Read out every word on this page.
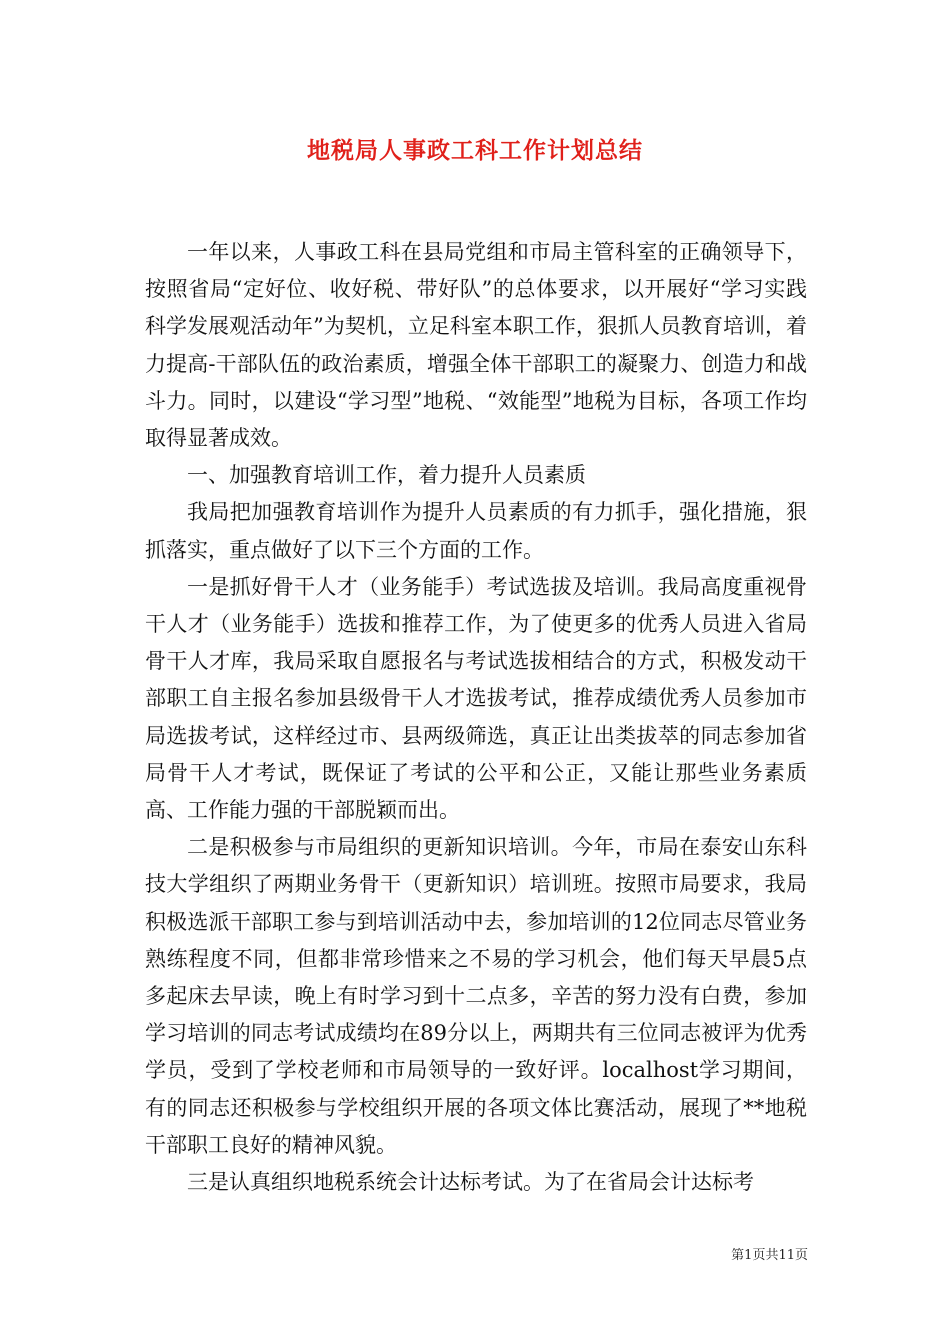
地税局人事政工科工作计划总结

一年以来，人事政工科在县局党组和市局主管科室的正确领导下，按照省局“定好位、收好税、带好队”的总体要求，以开展好“学习实践科学发展观活动年”为契机，立足科室本职工作，狠抓人员教育培训，着力提高-干部队伍的政治素质，增强全体干部职工的凝聚力、创造力和战斗力。同时，以建设“学习型”地税、“效能型”地税为目标，各项工作均取得显著成效。

一、加强教育培训工作，着力提升人员素质

我局把加强教育培训作为提升人员素质的有力抓手，强化措施，狠抓落实，重点做好了以下三个方面的工作。

一是抓好骨干人才（业务能手）考试选拔及培训。我局高度重视骨干人才（业务能手）选拔和推荐工作，为了使更多的优秀人员进入省局骨干人才库，我局采取自愿报名与考试选拔相结合的方式，积极发动干部职工自主报名参加县级骨干人才选拔考试，推荐成绩优秀人员参加市局选拔考试，这样经过市、县两级筛选，真正让出类拔萃的同志参加省局骨干人才考试，既保证了考试的公平和公正，又能让那些业务素质高、工作能力强的干部脱颖而出。

二是积极参与市局组织的更新知识培训。今年，市局在泰安山东科技大学组织了两期业务骨干（更新知识）培训班。按照市局要求，我局积极选派干部职工参与到培训活动中去，参加培训的12位同志尽管业务熟练程度不同，但都非常珍惜来之不易的学习机会，他们每天早晨5点多起床去早读，晚上有时学习到十二点多，辛苦的努力没有白费，参加学习培训的同志考试成绩均在89分以上，两期共有三位同志被评为优秀学员，受到了学校老师和市局领导的一致好评。localhost学习期间，有的同志还积极参与学校组织开展的各项文体比赛活动，展现了**地税干部职工良好的精神风貌。

三是认真组织地税系统会计达标考试。为了在省局会计达标考

第1页共11页
